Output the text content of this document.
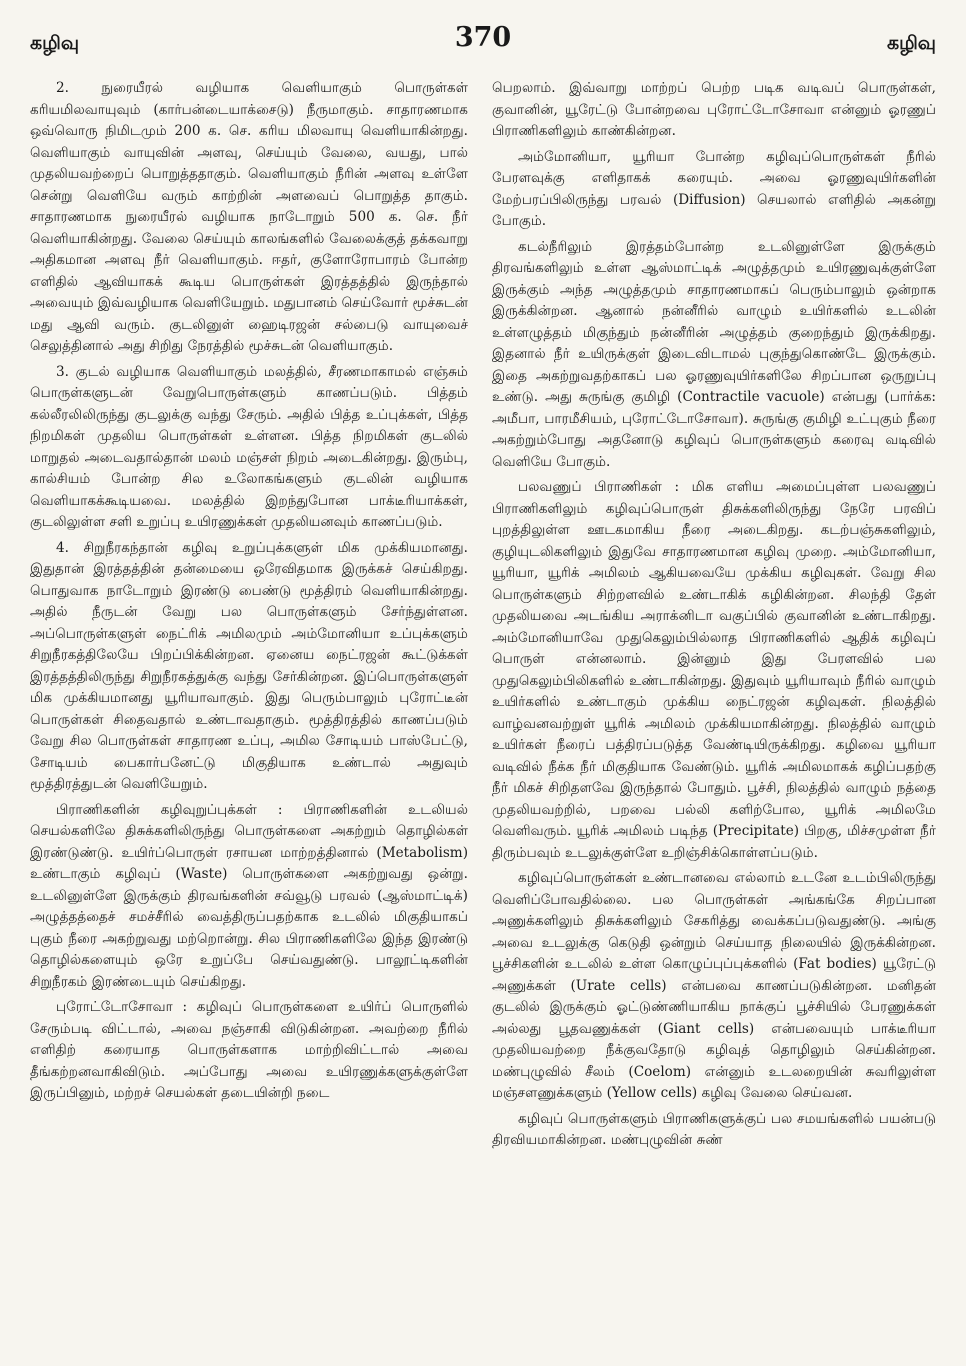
கழிவு	370	கழிவு

2. நுரையீரல் வழியாக வெளியாகும் பொருள்கள் கரியமிலவாயுவும் (கார்பன்டையாக்சைடு) நீருமாகும். சாதாரணமாக ஒவ்வொரு நிமிடமும் 200 க. செ. கரிய மிலவாயு வெளியாகின்றது. வெளியாகும் வாயுவின் அளவு, செய்யும் வேலை, வயது, பால் முதலியவற்றைப் பொறுத்ததாகும். வெளியாகும் நீரின் அளவு உள்ளே சென்று வெளியே வரும் காற்றின் அளவைப் பொறுத்த தாகும். சாதாரணமாக நுரையீரல் வழியாக நாடோறும் 500 க. செ. நீர் வெளியாகின்றது. வேலை செய்யும் காலங்களில் வேலைக்குத் தக்கவாறு அதிகமான அளவு நீர் வெளியாகும். ஈதர், குளோரோபாரம் போன்ற எளிதில் ஆவியாகக் கூடிய பொருள்கள் இரத்தத்தில் இருந்தால் அவையும் இவ்வழியாக வெளியேறும். மதுபானம் செய்வோர் மூச்சுடன் மது ஆவி வரும். குடலினுள் ஹைடிரஜன் சல்பைடு வாயுவைச் செலுத்தினால் அது சிறிது நேரத்தில் மூச்சுடன் வெளியாகும்.

3. குடல் வழியாக வெளியாகும் மலத்தில், சீரணமாகாமல் எஞ்சும் பொருள்களுடன் வேறுபொருள்களும் காணப்படும். பித்தம் கல்லீரலிலிருந்து குடலுக்கு வந்து சேரும். அதில் பித்த உப்புக்கள், பித்த நிறமிகள் முதலிய பொருள்கள் உள்ளன. பித்த நிறமிகள் குடலில் மாறுதல் அடைவதால்தான் மலம் மஞ்சள் நிறம் அடைகின்றது. இரும்பு, கால்சியம் போன்ற சில உலோகங்களும் குடலின் வழியாக வெளியாகக்கூடியவை. மலத்தில் இறந்துபோன பாக்டீரியாக்கள், குடலிலுள்ள சளி உறுப்பு உயிரணுக்கள் முதலியனவும் காணப்படும்.

4. சிறுநீரகந்தான் கழிவு உறுப்புக்களுள் மிக முக்கியமானது. இதுதான் இரத்தத்தின் தன்மையை ஒரேவிதமாக இருக்கச் செய்கிறது. பொதுவாக நாடோறும் இரண்டு பைண்டு மூத்திரம் வெளியாகின்றது. அதில் நீருடன் வேறு பல பொருள்களும் சேர்ந்துள்ளன. அப்பொருள்களுள் நைட்ரிக் அமிலமும் அம்மோனியா உப்புக்களும் சிறுநீரகத்திலேயே பிறப்பிக்கின்றன. ஏனைய நைட்ரஜன் கூட்டுக்கள் இரத்தத்திலிருந்து சிறுநீரகத்துக்கு வந்து சேர்கின்றன. இப்பொருள்களுள் மிக முக்கியமானது யூரியாவாகும். இது பெரும்பாலும் புரோட்டீன் பொருள்கள் சிதைவதால் உண்டாவதாகும். மூத்திரத்தில் காணப்படும் வேறு சில பொருள்கள் சாதாரண உப்பு, அமில சோடியம் பாஸ்பேட்டு, சோடியம் பைகார்பனேட்டு மிகுதியாக உண்டால் அதுவும் மூத்திரத்துடன் வெளியேறும்.

பிராணிகளின் கழிவுறுப்புக்கள் : பிராணிகளின் உடலியல் செயல்களிலே திசுக்களிலிருந்து பொருள்களை அகற்றும் தொழில்கள் இரண்டுண்டு. உயிர்ப்பொருள் ரசாயன மாற்றத்தினால் (Metabolism) உண்டாகும் கழிவுப் (Waste) பொருள்களை அகற்றுவது ஒன்று. உடலினுள்ளே இருக்கும் திரவங்களின் சவ்வூடு பரவல் (ஆஸ்மாட்டிக்) அழுத்தத்தைச் சமச்சீரில் வைத்திருப்பதற்காக உடலில் மிகுதியாகப் புகும் நீரை அகற்றுவது மற்றொன்று. சில பிராணிகளிலே இந்த இரண்டு தொழில்களையும் ஒரே உறுப்பே செய்வதுண்டு. பாலூட்டிகளின் சிறுநீரகம் இரண்டையும் செய்கிறது.

புரோட்டோசோவா : கழிவுப் பொருள்களை உயிர்ப் பொருளில் சேரும்படி விட்டால், அவை நஞ்சாகி விடுகின்றன. அவற்றை நீரில் எளிதிற் கரையாத பொருள்களாக மாற்றிவிட்டால் அவை தீங்கற்றனவாகிவிடும். அப்போது அவை உயிரணுக்களுக்குள்ளே இருப்பினும், மற்றச் செயல்கள் தடையின்றி நடை

பெறலாம். இவ்வாறு மாற்றப் பெற்ற படிக வடிவப் பொருள்கள், குவானின், யூரேட்டு போன்றவை புரோட்டோசோவா என்னும் ஓரணுப் பிராணிகளிலும் காண்கின்றன.

அம்மோனியா, யூரியா போன்ற கழிவுப்பொருள்கள் நீரில் பேரளவுக்கு எளிதாகக் கரையும். அவை ஓரணுவுயிர்களின் மேற்பரப்பிலிருந்து பரவல் (Diffusion) செயலால் எளிதில் அகன்று போகும்.

கடல்நீரிலும் இரத்தம்போன்ற உடலினுள்ளே இருக்கும் திரவங்களிலும் உள்ள ஆஸ்மாட்டிக் அழுத்தமும் உயிரணுவுக்குள்ளே இருக்கும் அந்த அழுத்தமும் சாதாரணமாகப் பெரும்பாலும் ஒன்றாக இருக்கின்றன. ஆனால் நன்னீரில் வாழும் உயிர்களில் உடலின் உள்ளழுத்தம் மிகுந்தும் நன்னீரின் அழுத்தம் குறைந்தும் இருக்கிறது. இதனால் நீர் உயிருக்குள் இடைவிடாமல் புகுந்துகொண்டே இருக்கும். இதை அகற்றுவதற்காகப் பல ஓரணுவுயிர்களிலே சிறப்பான ஒருறுப்பு உண்டு. அது சுருங்கு குமிழி (Contractile vacuole) என்பது (பார்க்க: அமீபா, பாரமீசியம், புரோட்டோசோவா). சுருங்கு குமிழி உட்புகும் நீரை அகற்றும்போது அதனோடு கழிவுப் பொருள்களும் கரைவு வடிவில் வெளியே போகும்.

பலவணுப் பிராணிகள் : மிக எளிய அமைப்புள்ள பலவணுப் பிராணிகளிலும் கழிவுப்பொருள் திசுக்களிலிருந்து நேரே பரவிப் புறத்திலுள்ள ஊடகமாகிய நீரை அடைகிறது. கடற்பஞ்சுகளிலும், குழியுடலிகளிலும் இதுவே சாதாரணமான கழிவு முறை. அம்மோனியா, யூரியா, யூரிக் அமிலம் ஆகியவையே முக்கிய கழிவுகள். வேறு சில பொருள்களும் சிற்றளவில் உண்டாகிக் கழிகின்றன. சிலந்தி தேள் முதலியவை அடங்கிய அராக்னிடா வகுப்பில் குவானின் உண்டாகிறது. அம்மோனியாவே முதுகெலும்பில்லாத பிராணிகளில் ஆதிக் கழிவுப் பொருள் என்னலாம். இன்னும் இது பேரளவில் பல முதுகெலும்பிலிகளில் உண்டாகின்றது. இதுவும் யூரியாவும் நீரில் வாழும் உயிர்களில் உண்டாகும் முக்கிய நைட்ரஜன் கழிவுகள். நிலத்தில் வாழ்வனவற்றுள் யூரிக் அமிலம் முக்கியமாகின்றது. நிலத்தில் வாழும் உயிர்கள் நீரைப் பத்திரப்படுத்த வேண்டியிருக்கிறது. கழிவை யூரியா வடிவில் நீக்க நீர் மிகுதியாக வேண்டும். யூரிக் அமிலமாகக் கழிப்பதற்கு நீர் மிகச் சிறிதளவே இருந்தால் போதும். பூச்சி, நிலத்தில் வாழும் நத்தை முதலியவற்றில், பறவை பல்லி களிற்போல, யூரிக் அமிலமே வெளிவரும். யூரிக் அமிலம் படிந்த (Precipitate) பிறகு, மிச்சமுள்ள நீர் திரும்பவும் உடலுக்குள்ளே உறிஞ்சிக்கொள்ளப்படும்.

கழிவுப்பொருள்கள் உண்டானவை எல்லாம் உடனே உடம்பிலிருந்து வெளிப்போவதில்லை. பல பொருள்கள் அங்கங்கே சிறப்பான அணுக்களிலும் திசுக்களிலும் சேகரித்து வைக்கப்படுவதுண்டு. அங்கு அவை உடலுக்கு கெடுதி ஒன்றும் செய்யாத நிலையில் இருக்கின்றன. பூச்சிகளின் உடலில் உள்ள கொழுப்புப்புக்களில் (Fat bodies) யூரேட்டு அணுக்கள் (Urate cells) என்பவை காணப்படுகின்றன. மனிதன் குடலில் இருக்கும் ஓட்டுண்ணியாகிய நாக்குப் பூச்சியில் பேரணுக்கள் அல்லது பூதவணுக்கள் (Giant cells) என்பவையும் பாக்டீரியா முதலியவற்றை நீக்குவதோடு கழிவுத் தொழிலும் செய்கின்றன. மண்புழுவில் சீலம் (Coelom) என்னும் உடலறையின் சுவரிலுள்ள மஞ்சளணுக்களும் (Yellow cells) கழிவு வேலை செய்வன.

கழிவுப் பொருள்களும் பிராணிகளுக்குப் பல சமயங்களில் பயன்படு திரவியமாகின்றன. மண்புழுவின் சுண்
